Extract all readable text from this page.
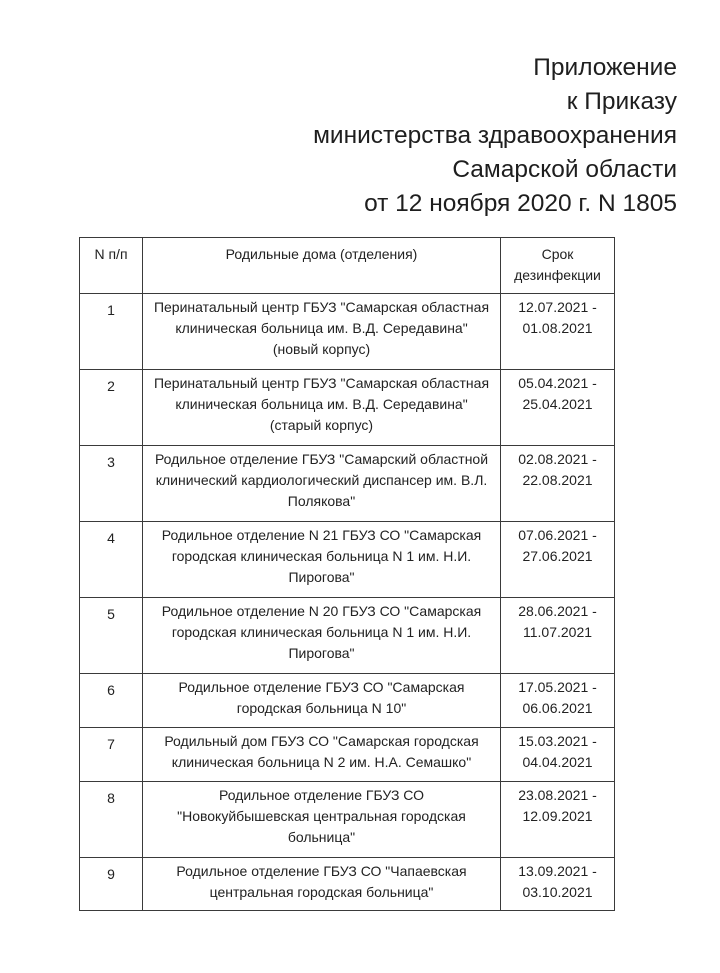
Приложение
к Приказу
министерства здравоохранения
Самарской области
от 12 ноября 2020 г. N 1805
N п/п	Родильные дома (отделения)	Срок дезинфекции

1	Перинатальный центр ГБУЗ "Самарская областная клиническая больница им. В.Д. Середавина" (новый корпус)	12.07.2021 - 01.08.2021

2	Перинатальный центр ГБУЗ "Самарская областная клиническая больница им. В.Д. Середавина" (старый корпус)	05.04.2021 - 25.04.2021

3	Родильное отделение ГБУЗ "Самарский областной клинический кардиологический диспансер им. В.Л. Полякова"	02.08.2021 - 22.08.2021

4	Родильное отделение N 21 ГБУЗ СО "Самарская городская клиническая больница N 1 им. Н.И. Пирогова"	07.06.2021 - 27.06.2021

5	Родильное отделение N 20 ГБУЗ СО "Самарская городская клиническая больница N 1 им. Н.И. Пирогова"	28.06.2021 - 11.07.2021

6	Родильное отделение ГБУЗ СО "Самарская городская больница N 10"	17.05.2021 - 06.06.2021

7	Родильный дом ГБУЗ СО "Самарская городская клиническая больница N 2 им. Н.А. Семашко"	15.03.2021 - 04.04.2021

8	Родильное отделение ГБУЗ СО "Новокуйбышевская центральная городская больница"	23.08.2021 - 12.09.2021

9	Родильное отделение ГБУЗ СО "Чапаевская центральная городская больница"	13.09.2021 - 03.10.2021
